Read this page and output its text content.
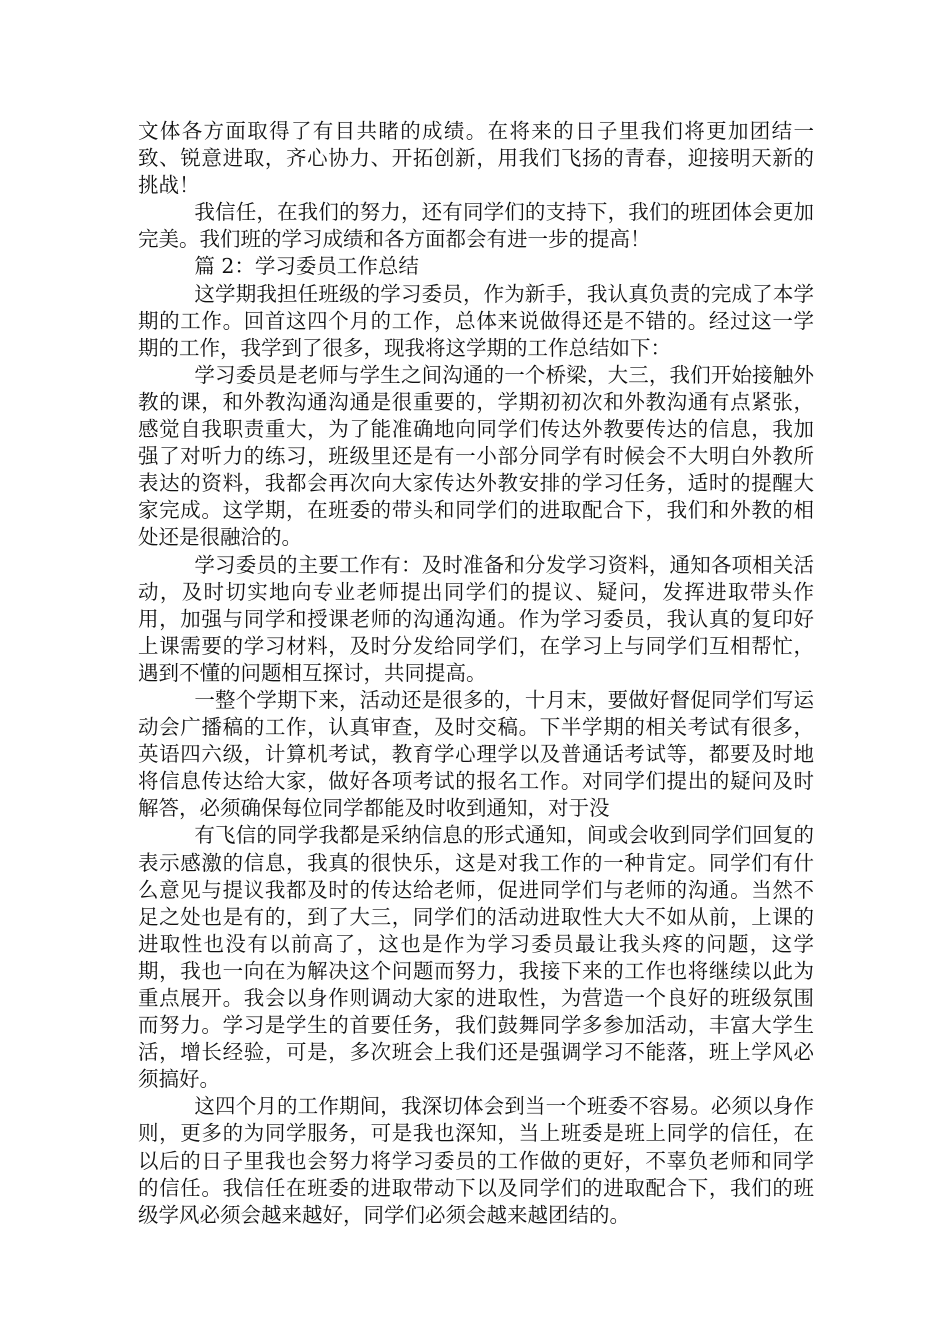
文体各方面取得了有目共睹的成绩。在将来的日子里我们将更加团结一致、锐意进取，齐心协力、开拓创新，用我们飞扬的青春，迎接明天新的挑战！

我信任，在我们的努力，还有同学们的支持下，我们的班团体会更加完美。我们班的学习成绩和各方面都会有进一步的提高！

篇 2：学习委员工作总结

这学期我担任班级的学习委员，作为新手，我认真负责的完成了本学期的工作。回首这四个月的工作，总体来说做得还是不错的。经过这一学期的工作，我学到了很多，现我将这学期的工作总结如下：

学习委员是老师与学生之间沟通的一个桥梁，大三，我们开始接触外教的课，和外教沟通沟通是很重要的，学期初初次和外教沟通有点紧张，感觉自我职责重大，为了能准确地向同学们传达外教要传达的信息，我加强了对听力的练习，班级里还是有一小部分同学有时候会不大明白外教所表达的资料，我都会再次向大家传达外教安排的学习任务，适时的提醒大家完成。这学期，在班委的带头和同学们的进取配合下，我们和外教的相处还是很融洽的。

学习委员的主要工作有：及时准备和分发学习资料，通知各项相关活动，及时切实地向专业老师提出同学们的提议、疑问，发挥进取带头作用，加强与同学和授课老师的沟通沟通。作为学习委员，我认真的复印好上课需要的学习材料，及时分发给同学们，在学习上与同学们互相帮忙，遇到不懂的问题相互探讨，共同提高。

一整个学期下来，活动还是很多的，十月末，要做好督促同学们写运动会广播稿的工作，认真审查，及时交稿。下半学期的相关考试有很多，英语四六级，计算机考试，教育学心理学以及普通话考试等，都要及时地将信息传达给大家，做好各项考试的报名工作。对同学们提出的疑问及时解答，必须确保每位同学都能及时收到通知，对于没

有飞信的同学我都是采纳信息的形式通知，间或会收到同学们回复的表示感激的信息，我真的很快乐，这是对我工作的一种肯定。同学们有什么意见与提议我都及时的传达给老师，促进同学们与老师的沟通。当然不足之处也是有的，到了大三，同学们的活动进取性大大不如从前，上课的进取性也没有以前高了，这也是作为学习委员最让我头疼的问题，这学期，我也一向在为解决这个问题而努力，我接下来的工作也将继续以此为重点展开。我会以身作则调动大家的进取性，为营造一个良好的班级氛围而努力。学习是学生的首要任务，我们鼓舞同学多参加活动，丰富大学生活，增长经验，可是，多次班会上我们还是强调学习不能落，班上学风必须搞好。

这四个月的工作期间，我深切体会到当一个班委不容易。必须以身作则，更多的为同学服务，可是我也深知，当上班委是班上同学的信任，在以后的日子里我也会努力将学习委员的工作做的更好，不辜负老师和同学的信任。我信任在班委的进取带动下以及同学们的进取配合下，我们的班级学风必须会越来越好，同学们必须会越来越团结的。
